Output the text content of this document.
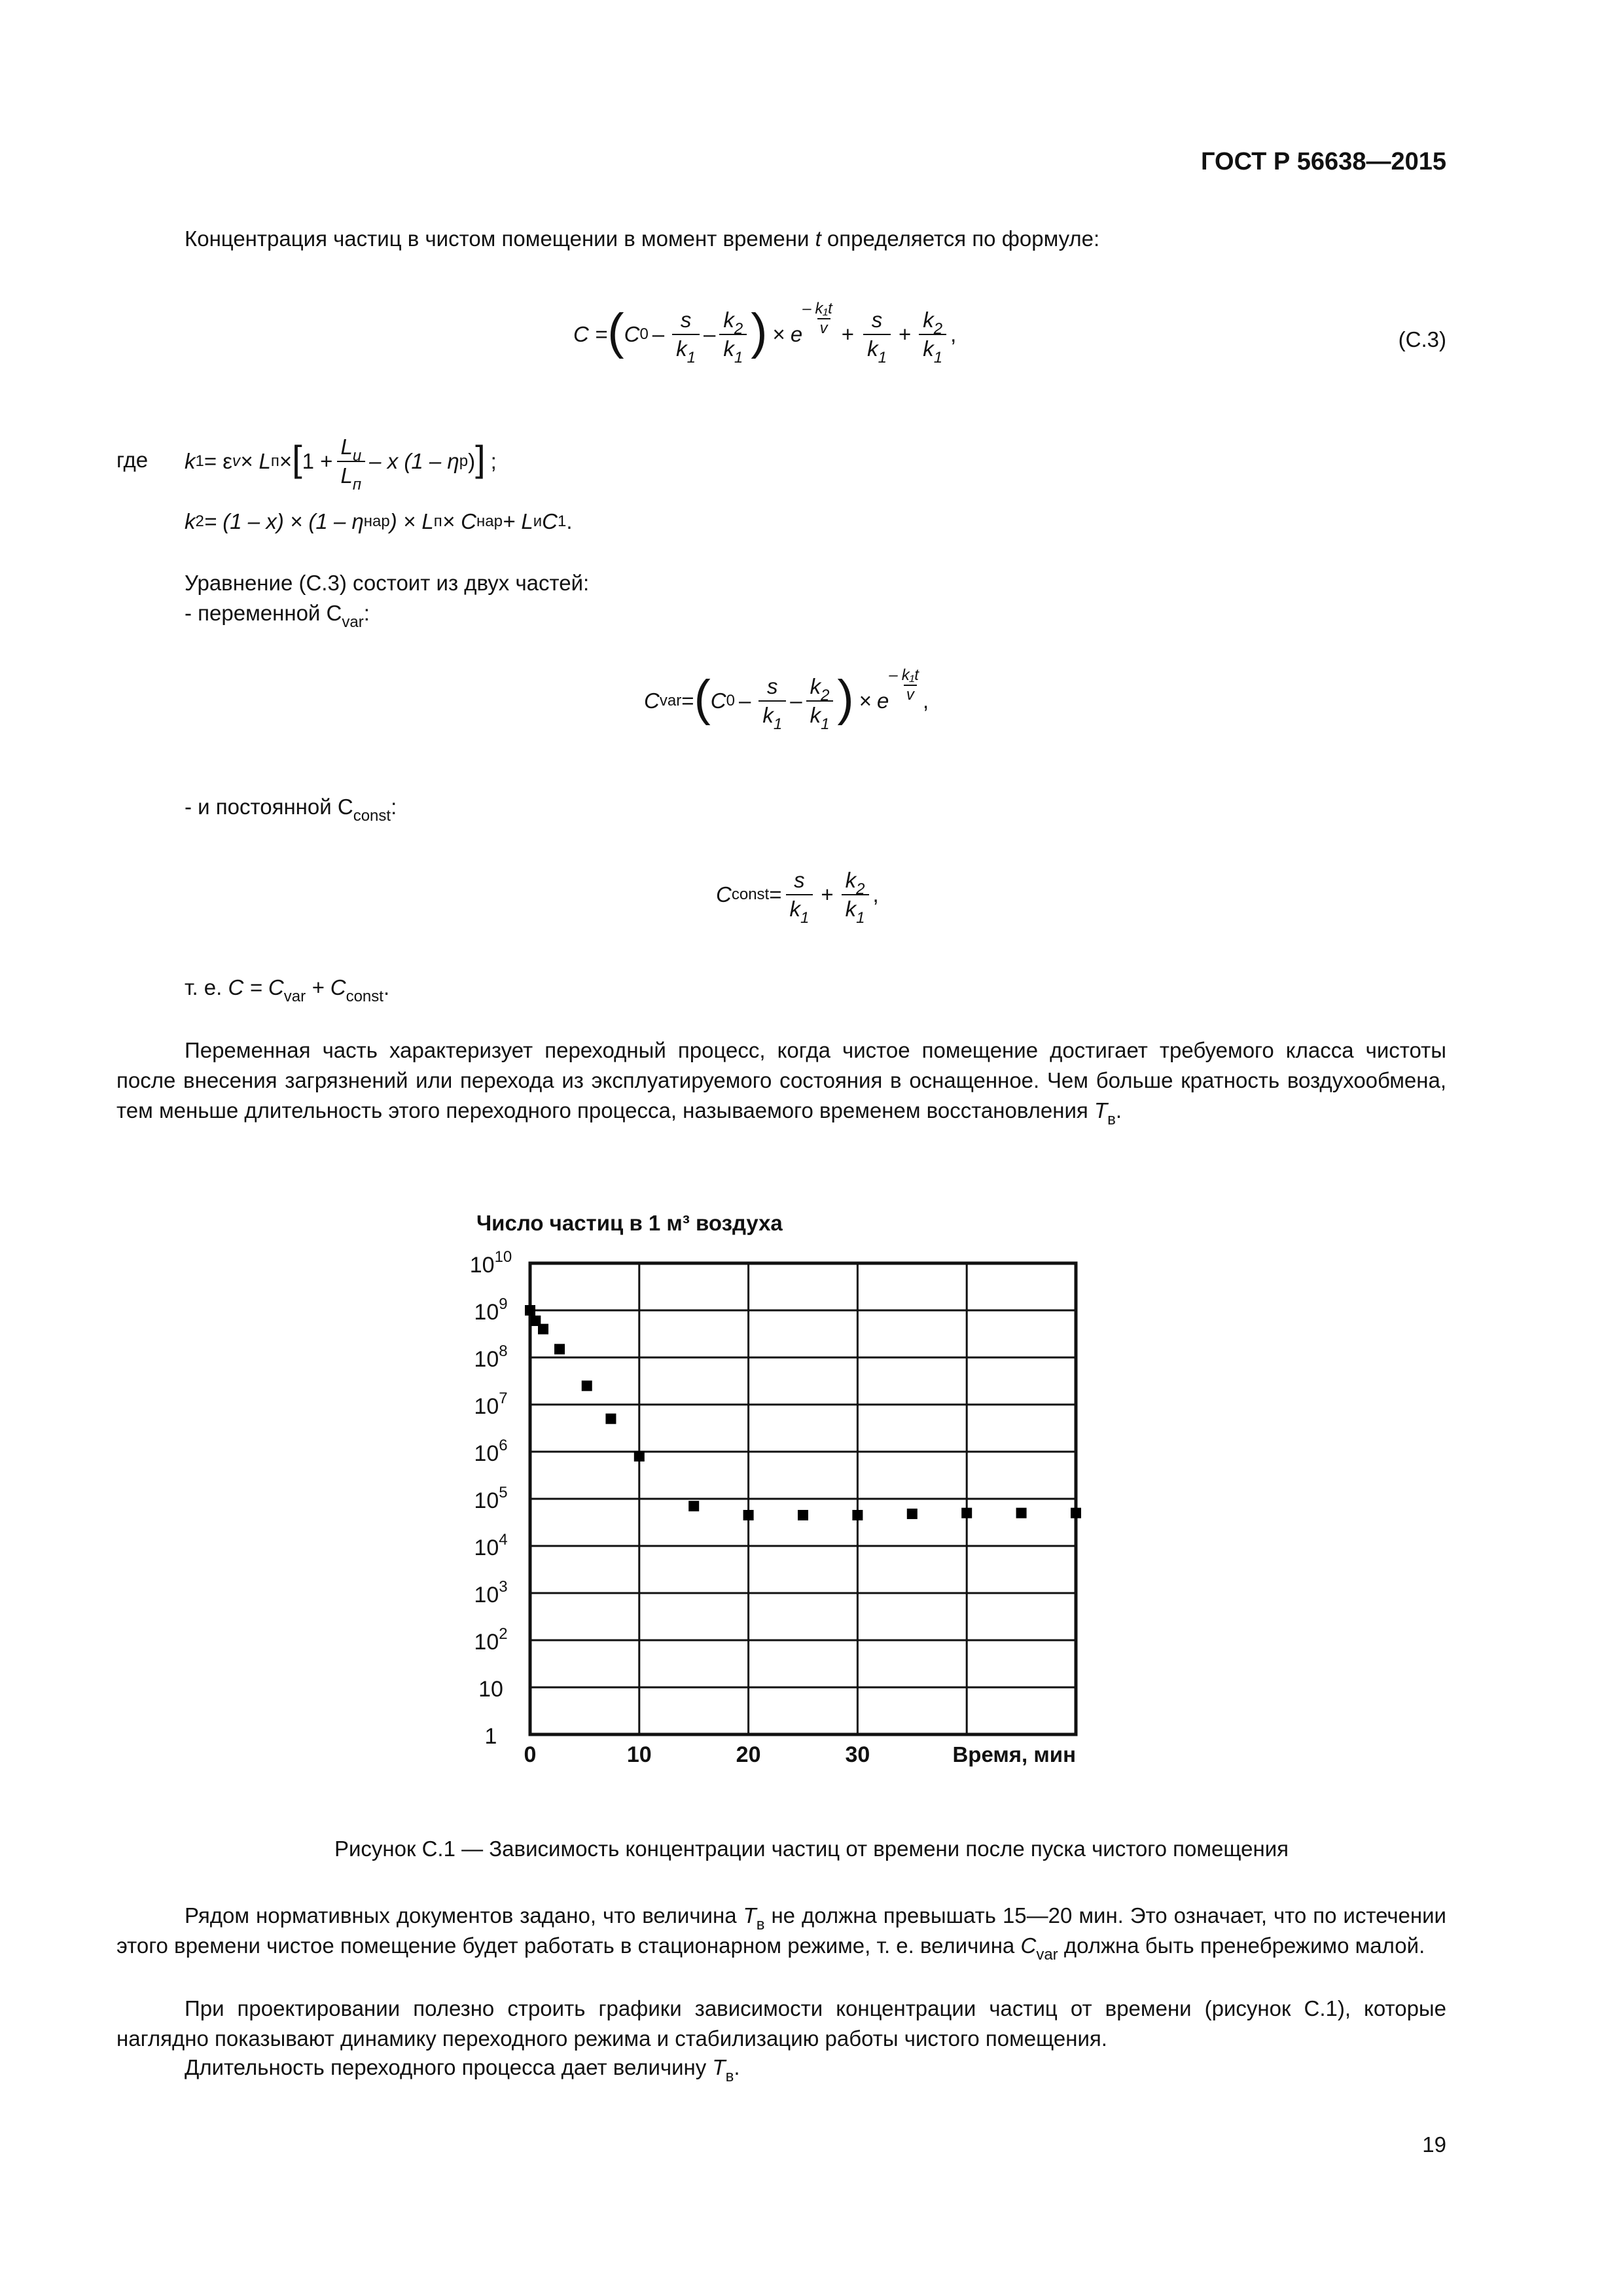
ГОСТ Р 56638—2015
Концентрация частиц в чистом помещении в момент времени t определяется по формуле:
C = ( C $0 - \frac{s}{k_1} - \frac{k_2}{k_1}$ ) × e
– $\frac{\text{k₁t}}{v} + \frac{s}{k_1} + \frac{k_2}{k_1}$ ,	(С.3)
где k 1 = ε v × L п × [ $1 + \frac{L_и}{L_п} - x$ (1 – η р ) ] ;
k 2 = (1 – x) × (1 – η нар ) × L п × C нар + L и C 1 .
Уравнение (С.3) состоит из двух частей:
- переменной $C_{var}$:
C var = ( C $0 - \frac{s}{k_1} - \frac{k_2}{k_1}$ ) × e
– $\frac{\text{k₁t}}{v}$ ,
- и постоянной $C_{const}$:
C const = $\frac{s}{k_1} + \frac{k_2}{k_1}$ ,
т. е. $C = C_{var} + C_{const}$.
Переменная часть характеризует переходный процесс, когда чистое помещение достигает требуемого класса чистоты после внесения загрязнений или перехода из эксплуатируемого состояния в оснащенное. Чем больше кратность воздухообмена, тем меньше длительность этого переходного процесса, называемого временем восстановления $T_в$.
Число частиц в 1 м³ воздуха
1
10
$10^2$
$10^3$
$10^4$
$10^5$
$10^6$
$10^7$
$10^8$
$10^9$
$10^{10}$
0	10	20	30	Время, мин
Рисунок С.1 — Зависимость концентрации частиц от времени после пуска чистого помещения
Рядом нормативных документов задано, что величина $T_в$ не должна превышать 15—20 мин. Это означает, что по истечении этого времени чистое помещение будет работать в стационарном режиме, т. е. величина $C_{var}$ должна быть пренебрежимо малой.
При проектировании полезно строить графики зависимости концентрации частиц от времени (рисунок С.1), которые наглядно показывают динамику переходного режима и стабилизацию работы чистого помещения.
Длительность переходного процесса дает величину $T_в$.
19
